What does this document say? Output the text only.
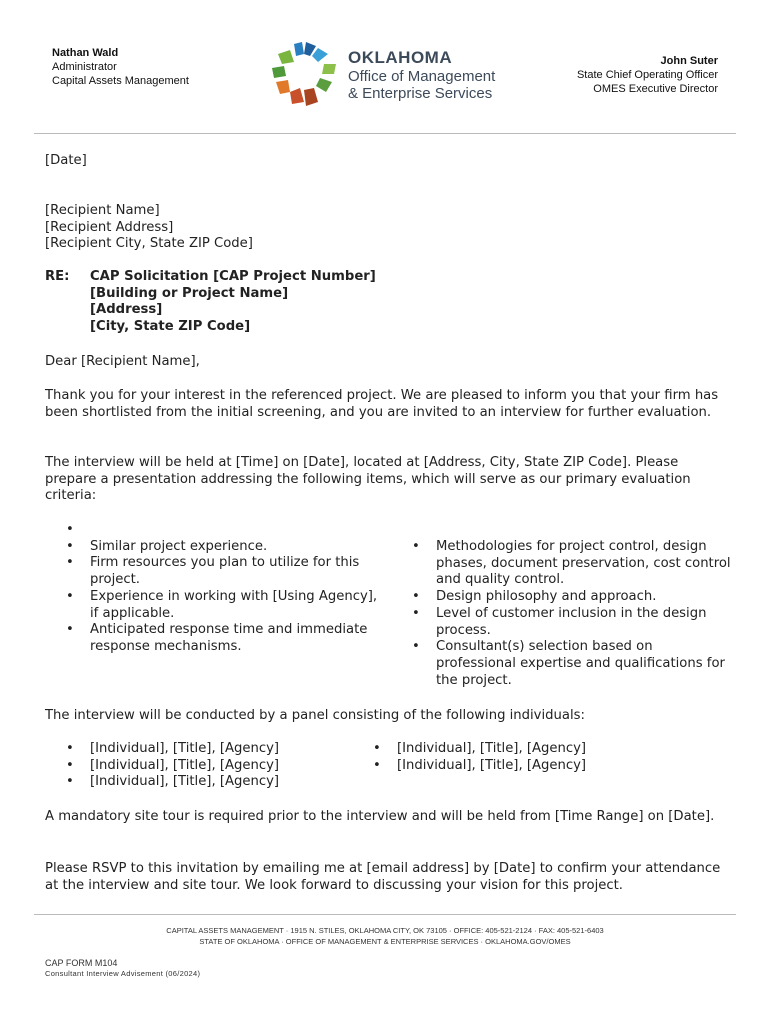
Nathan Wald
Administrator
Capital Assets Management
OKLAHOMA
Office of Management
& Enterprise Services
John Suter
State Chief Operating Officer
OMES Executive Director
[Date]
[Recipient Name]
[Recipient Address]
[Recipient City, State ZIP Code]
RE:	CAP Solicitation [CAP Project Number]
[Building or Project Name]
[Address]
[City, State ZIP Code]
Dear [Recipient Name],
Thank you for your interest in the referenced project. We are pleased to inform you that your firm has been shortlisted from the initial screening, and you are invited to an interview for further evaluation.
The interview will be held at [Time] on [Date], located at [Address, City, State ZIP Code]. Please prepare a presentation addressing the following items, which will serve as our primary evaluation criteria:
•
• Similar project experience.
• Firm resources you plan to utilize for this project.
• Experience in working with [Using Agency], if applicable.
• Anticipated response time and immediate response mechanisms.
• Methodologies for project control, design phases, document preservation, cost control and quality control.
• Design philosophy and approach.
• Level of customer inclusion in the design process.
• Consultant(s) selection based on professional expertise and qualifications for the project.
The interview will be conducted by a panel consisting of the following individuals:
• [Individual], [Title], [Agency]
• [Individual], [Title], [Agency]
• [Individual], [Title], [Agency]
• [Individual], [Title], [Agency]
• [Individual], [Title], [Agency]
A mandatory site tour is required prior to the interview and will be held from [Time Range] on [Date].
Please RSVP to this invitation by emailing me at [email address] by [Date] to confirm your attendance at the interview and site tour. We look forward to discussing your vision for this project.
CAPITAL ASSETS MANAGEMENT · 1915 N. STILES, OKLAHOMA CITY, OK 73105 · OFFICE: 405-521-2124 · FAX: 405-521-6403
STATE OF OKLAHOMA · OFFICE OF MANAGEMENT & ENTERPRISE SERVICES · OKLAHOMA.GOV/OMES
CAP FORM M104
Consultant Interview Advisement (06/2024)
